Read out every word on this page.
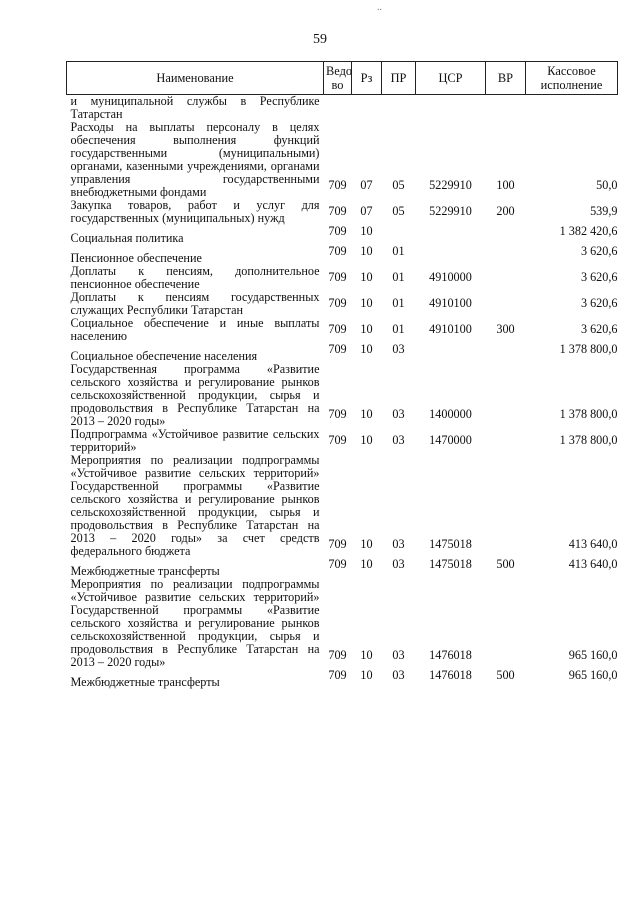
..
59
Наименование	Ведо
во	Рз	ПР	ЦСР	ВР	Кассовое
исполнение
и муниципальной службы в Республике Татарстан						
Расходы на выплаты персоналу в целях обеспечения выполнения функций государственными (муниципальными) органами, казенными учреждениями, органами управления государственными внебюджетными фондами	709	07	05	5229910	100	50,0
Закупка товаров, работ и услуг для государственных (муниципальных) нужд	709	07	05	5229910	200	539,9
Социальная политика	709	10				1 382 420,6
Пенсионное обеспечение	709	10	01			3 620,6
Доплаты к пенсиям, дополнительное пенсионное обеспечение	709	10	01	4910000		3 620,6
Доплаты к пенсиям государственных служащих Республики Татарстан	709	10	01	4910100		3 620,6
Социальное обеспечение и иные выплаты населению	709	10	01	4910100	300	3 620,6
Социальное обеспечение населения	709	10	03			1 378 800,0
Государственная программа «Развитие сельского хозяйства и регулирование рынков сельскохозяйственной продукции, сырья и продовольствия в Республике Татарстан на 2013 – 2020 годы»	709	10	03	1400000		1 378 800,0
Подпрограмма «Устойчивое развитие сельских территорий»	709	10	03	1470000		1 378 800,0
Мероприятия по реализации подпрограммы «Устойчивое развитие сельских территорий» Государственной программы «Развитие сельского хозяйства и регулирование рынков сельскохозяйственной продукции, сырья и продовольствия в Республике Татарстан на 2013 – 2020 годы» за счет средств федерального бюджета	709	10	03	1475018		413 640,0
Межбюджетные трансферты	709	10	03	1475018	500	413 640,0
Мероприятия по реализации подпрограммы «Устойчивое развитие сельских территорий» Государственной программы «Развитие сельского хозяйства и регулирование рынков сельскохозяйственной продукции, сырья и продовольствия в Республике Татарстан на 2013 – 2020 годы»	709	10	03	1476018		965 160,0
Межбюджетные трансферты	709	10	03	1476018	500	965 160,0
